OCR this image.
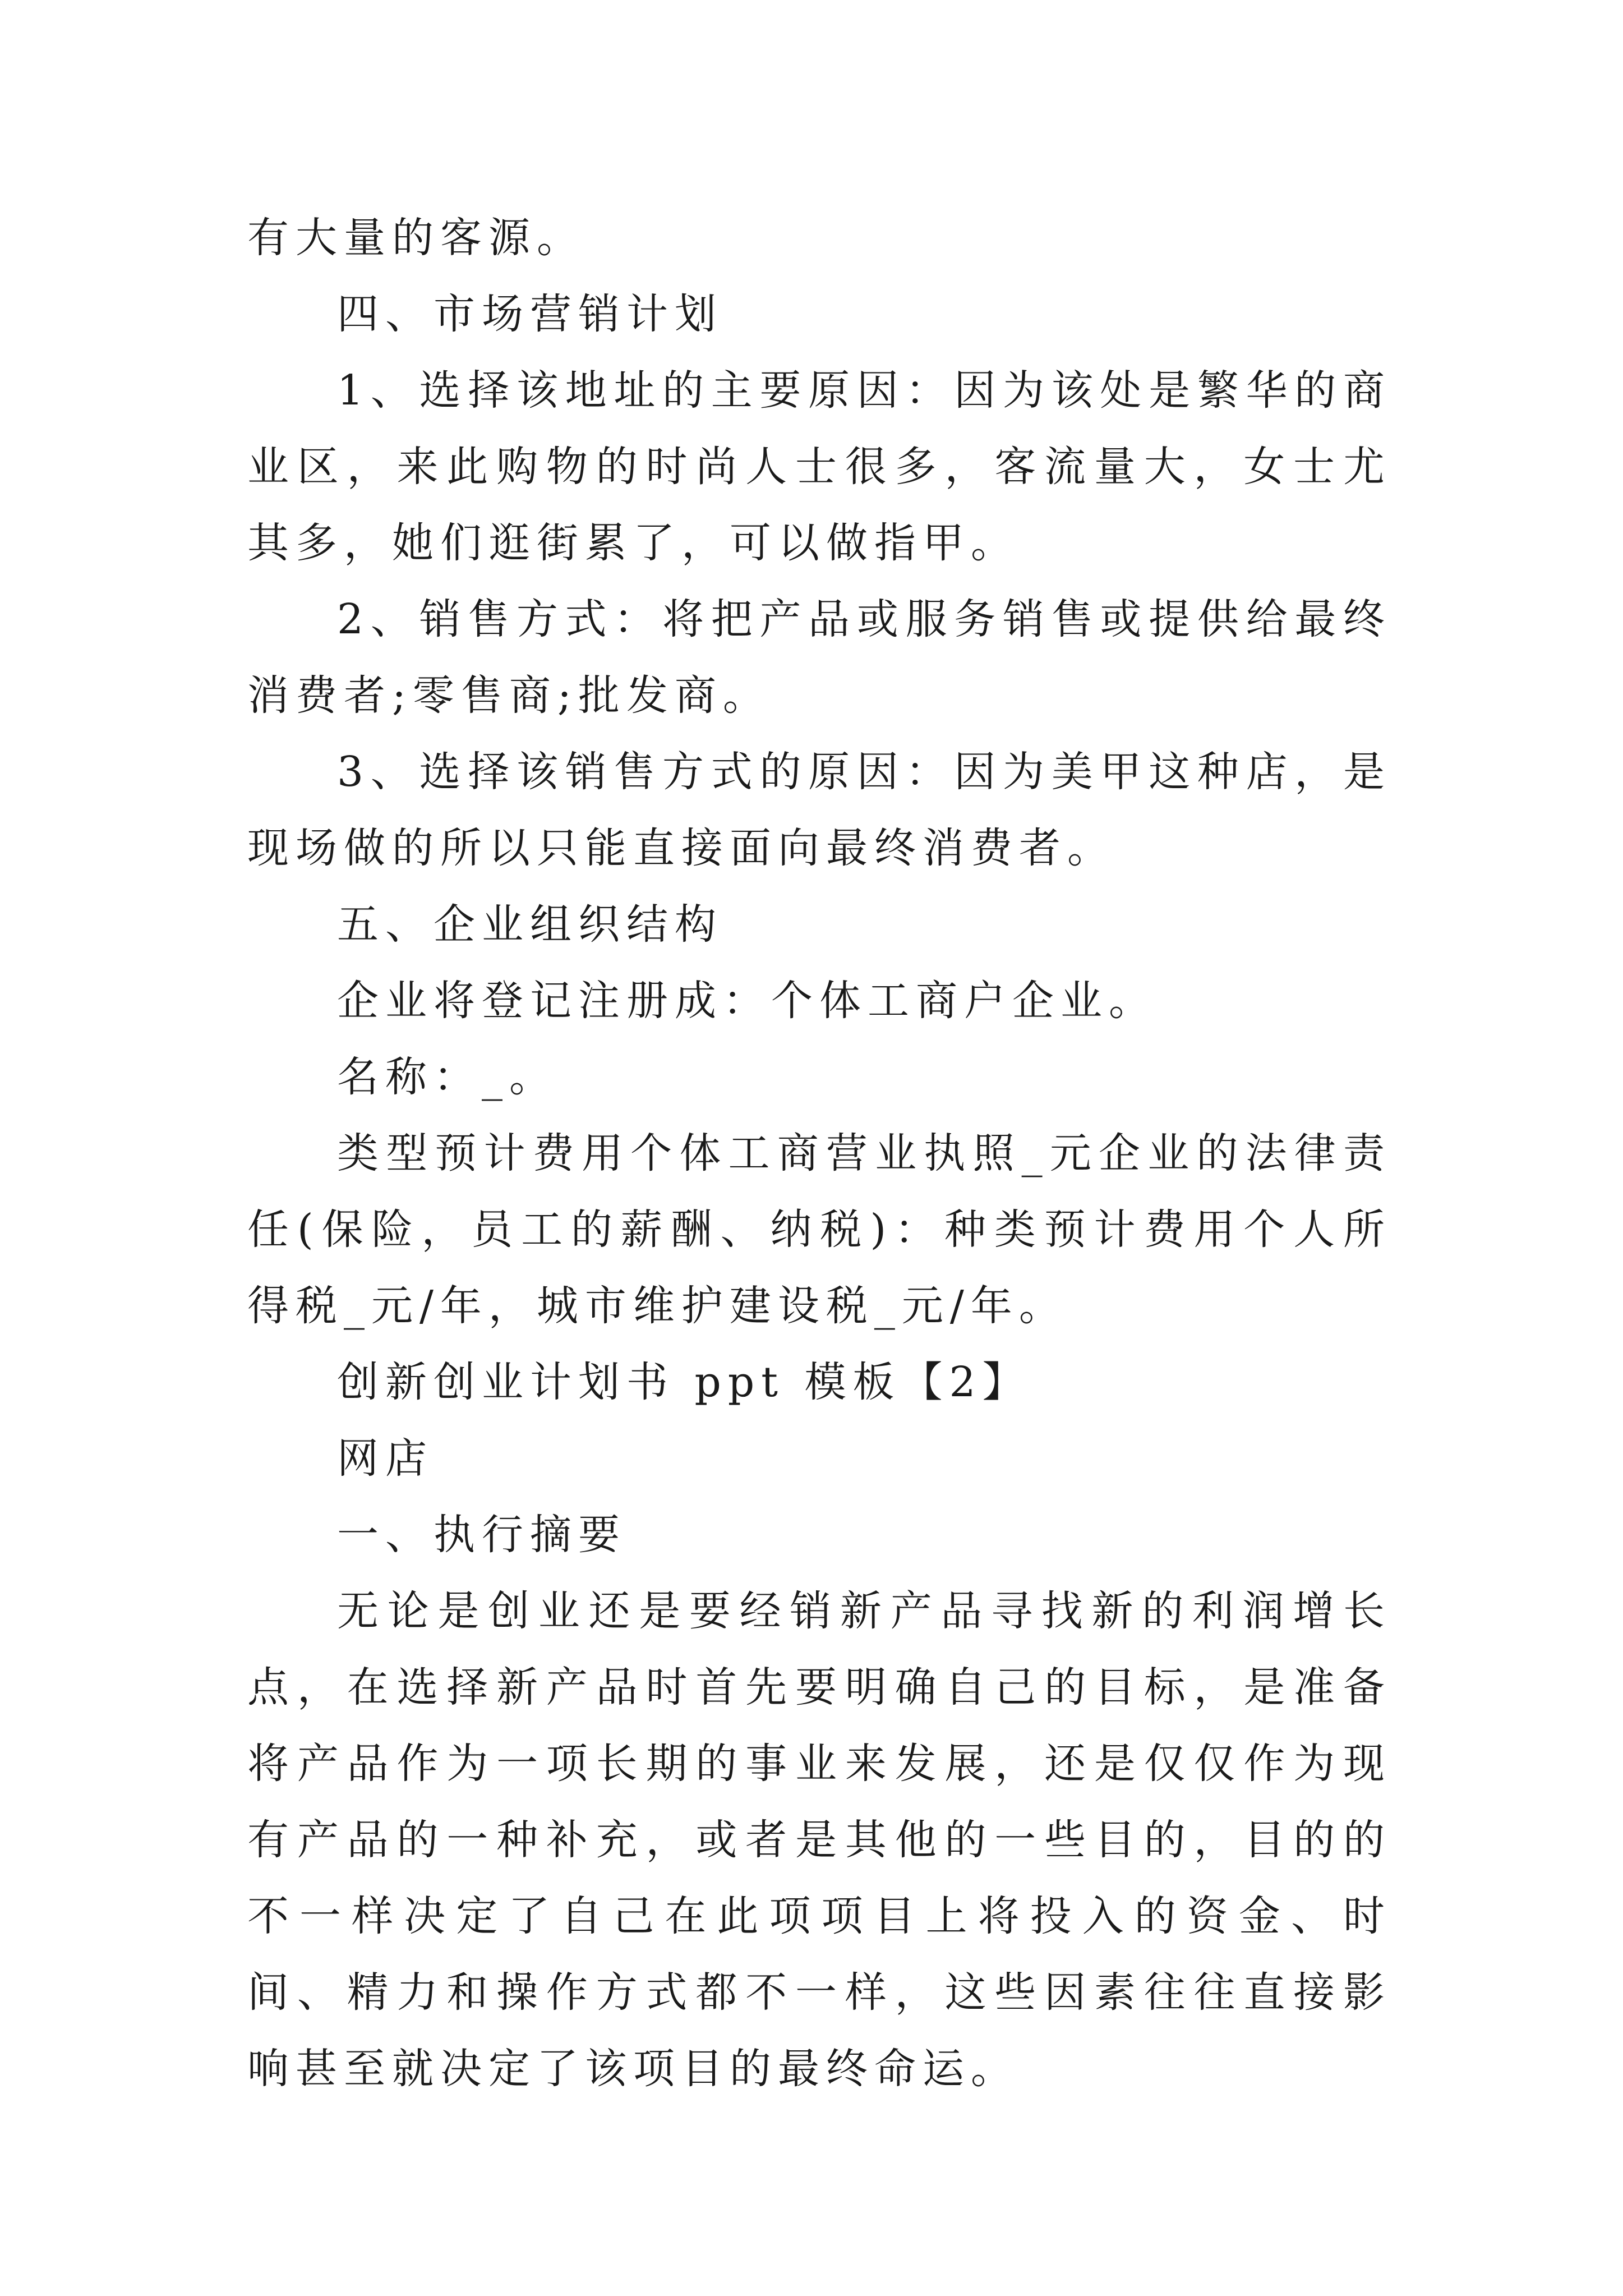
有大量的客源。

四、市场营销计划

1、选择该地址的主要原因：因为该处是繁华的商业区，来此购物的时尚人士很多，客流量大，女士尤其多，她们逛街累了，可以做指甲。

2、销售方式：将把产品或服务销售或提供给最终消费者;零售商;批发商。

3、选择该销售方式的原因：因为美甲这种店，是现场做的所以只能直接面向最终消费者。

五、企业组织结构

企业将登记注册成：个体工商户企业。

名称：_。

类型预计费用个体工商营业执照_元企业的法律责任(保险，员工的薪酬、纳税)：种类预计费用个人所得税_元/年，城市维护建设税_元/年。

创新创业计划书 ppt 模板【2】

网店

一、执行摘要

无论是创业还是要经销新产品寻找新的利润增长点，在选择新产品时首先要明确自己的目标，是准备将产品作为一项长期的事业来发展，还是仅仅作为现有产品的一种补充，或者是其他的一些目的，目的的不一样决定了自己在此项项目上将投入的资金、时间、精力和操作方式都不一样，这些因素往往直接影响甚至就决定了该项目的最终命运。
